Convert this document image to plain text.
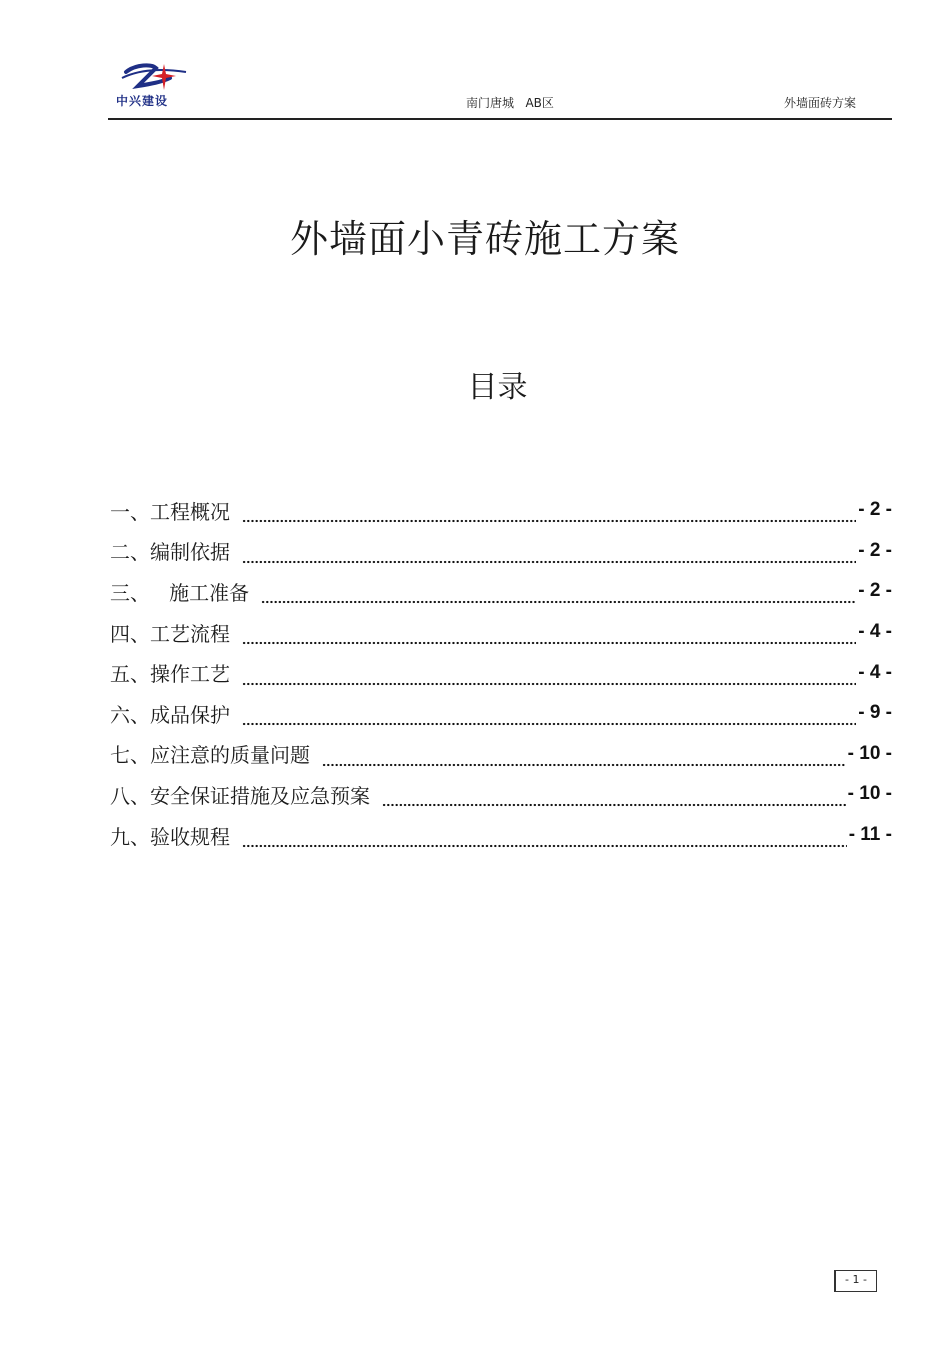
中兴建设	南门唐城   AB区	外墙面砖方案
外墙面小青砖施工方案
目录
一、工程概况	- 2 -
二、编制依据	- 2 -
三、   施工准备	- 2 -
四、工艺流程	- 4 -
五、操作工艺	- 4 -
六、成品保护	- 9 -
七、应注意的质量问题	- 10 -
八、安全保证措施及应急预案	- 10 -
九、验收规程	- 11 -
- 1 -
